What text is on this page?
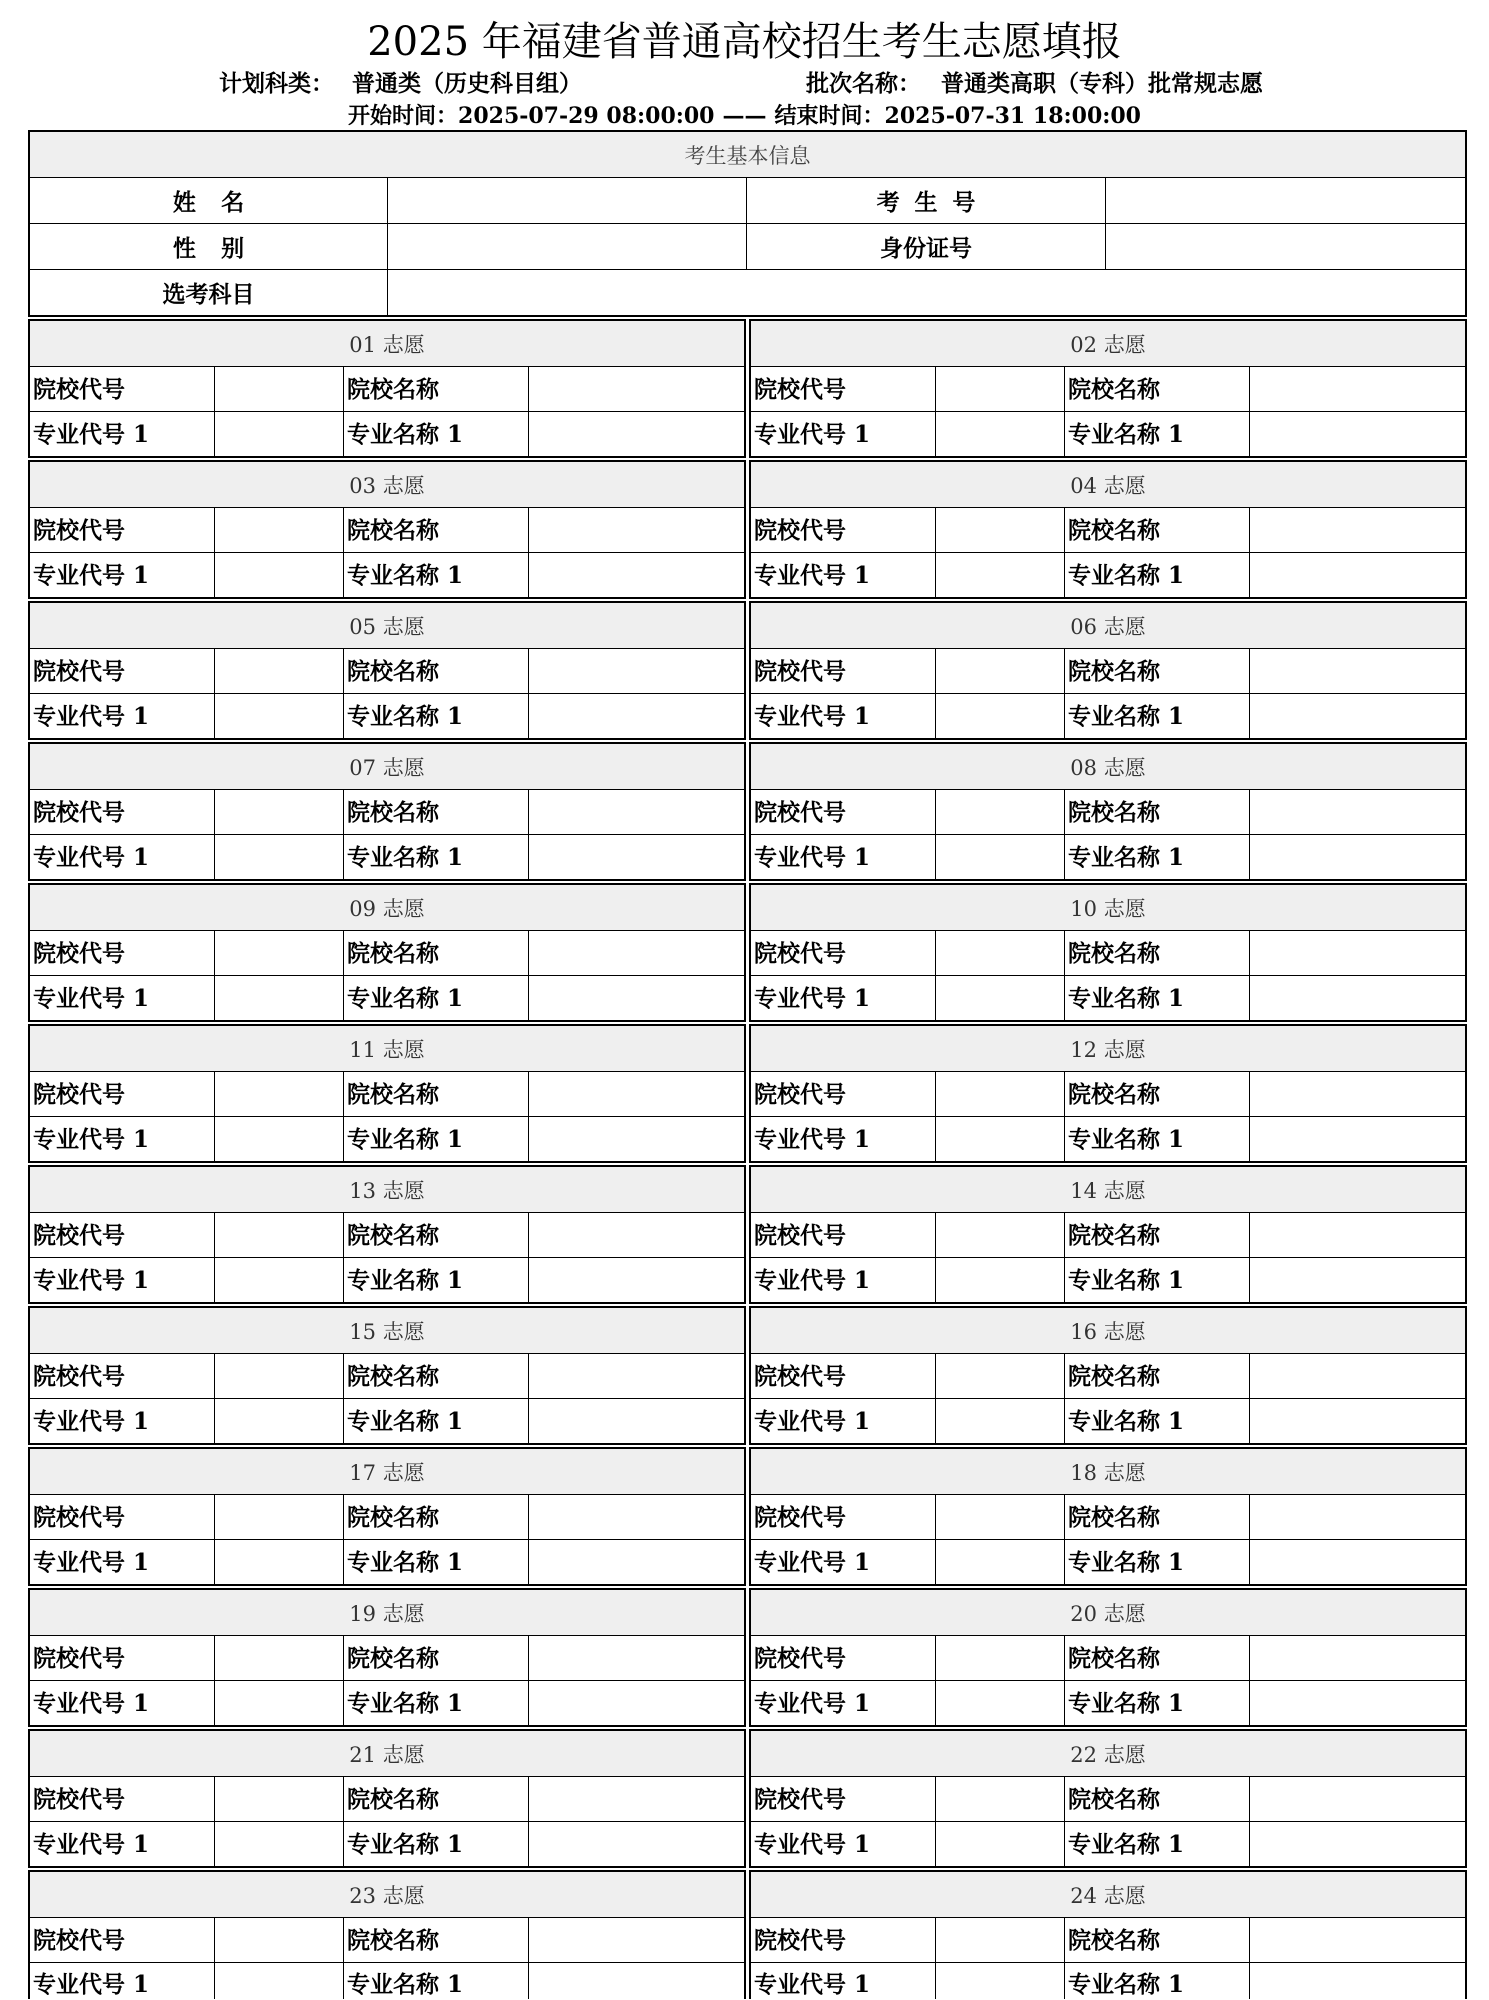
2025 年福建省普通高校招生考生志愿填报
计划科类： 普通类（历史科目组）	批次名称： 普通类高职（专科）批常规志愿
开始时间：2025-07-29 08:00:00 —— 结束时间：2025-07-31 18:00:00
考生基本信息
姓 名	考 生 号
性 别	身份证号
选考科目
01 志愿
院校代号	院校名称
专业代号 1	专业名称 1
02 志愿
院校代号	院校名称
专业代号 1	专业名称 1
03 志愿
院校代号	院校名称
专业代号 1	专业名称 1
04 志愿
院校代号	院校名称
专业代号 1	专业名称 1
05 志愿
院校代号	院校名称
专业代号 1	专业名称 1
06 志愿
院校代号	院校名称
专业代号 1	专业名称 1
07 志愿
院校代号	院校名称
专业代号 1	专业名称 1
08 志愿
院校代号	院校名称
专业代号 1	专业名称 1
09 志愿
院校代号	院校名称
专业代号 1	专业名称 1
10 志愿
院校代号	院校名称
专业代号 1	专业名称 1
11 志愿
院校代号	院校名称
专业代号 1	专业名称 1
12 志愿
院校代号	院校名称
专业代号 1	专业名称 1
13 志愿
院校代号	院校名称
专业代号 1	专业名称 1
14 志愿
院校代号	院校名称
专业代号 1	专业名称 1
15 志愿
院校代号	院校名称
专业代号 1	专业名称 1
16 志愿
院校代号	院校名称
专业代号 1	专业名称 1
17 志愿
院校代号	院校名称
专业代号 1	专业名称 1
18 志愿
院校代号	院校名称
专业代号 1	专业名称 1
19 志愿
院校代号	院校名称
专业代号 1	专业名称 1
20 志愿
院校代号	院校名称
专业代号 1	专业名称 1
21 志愿
院校代号	院校名称
专业代号 1	专业名称 1
22 志愿
院校代号	院校名称
专业代号 1	专业名称 1
23 志愿
院校代号	院校名称
专业代号 1	专业名称 1
24 志愿
院校代号	院校名称
专业代号 1	专业名称 1
